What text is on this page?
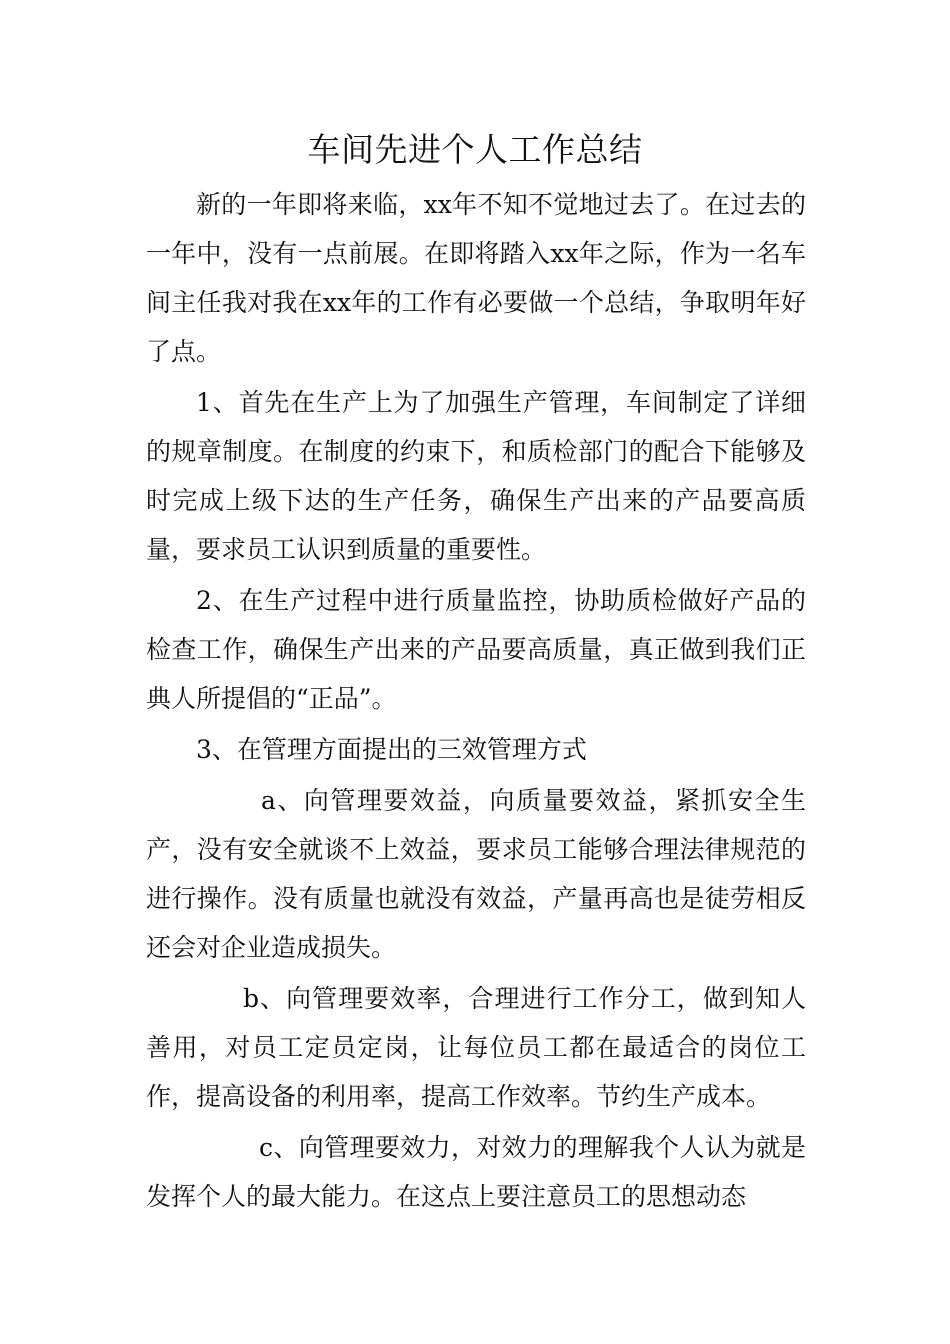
车间先进个人工作总结

新的一年即将来临，xx年不知不觉地过去了。在过去的一年中，没有一点前展。在即将踏入xx年之际，作为一名车间主任我对我在xx年的工作有必要做一个总结，争取明年好了点。

1、首先在生产上为了加强生产管理，车间制定了详细的规章制度。在制度的约束下，和质检部门的配合下能够及时完成上级下达的生产任务，确保生产出来的产品要高质量，要求员工认识到质量的重要性。

2、在生产过程中进行质量监控，协助质检做好产品的检查工作，确保生产出来的产品要高质量，真正做到我们正典人所提倡的“正品”。

3、在管理方面提出的三效管理方式

a、向管理要效益，向质量要效益，紧抓安全生产，没有安全就谈不上效益，要求员工能够合理法律规范的进行操作。没有质量也就没有效益，产量再高也是徒劳相反还会对企业造成损失。

b、向管理要效率，合理进行工作分工，做到知人善用，对员工定员定岗，让每位员工都在最适合的岗位工作，提高设备的利用率，提高工作效率。节约生产成本。

c、向管理要效力，对效力的理解我个人认为就是发挥个人的最大能力。在这点上要注意员工的思想动态
